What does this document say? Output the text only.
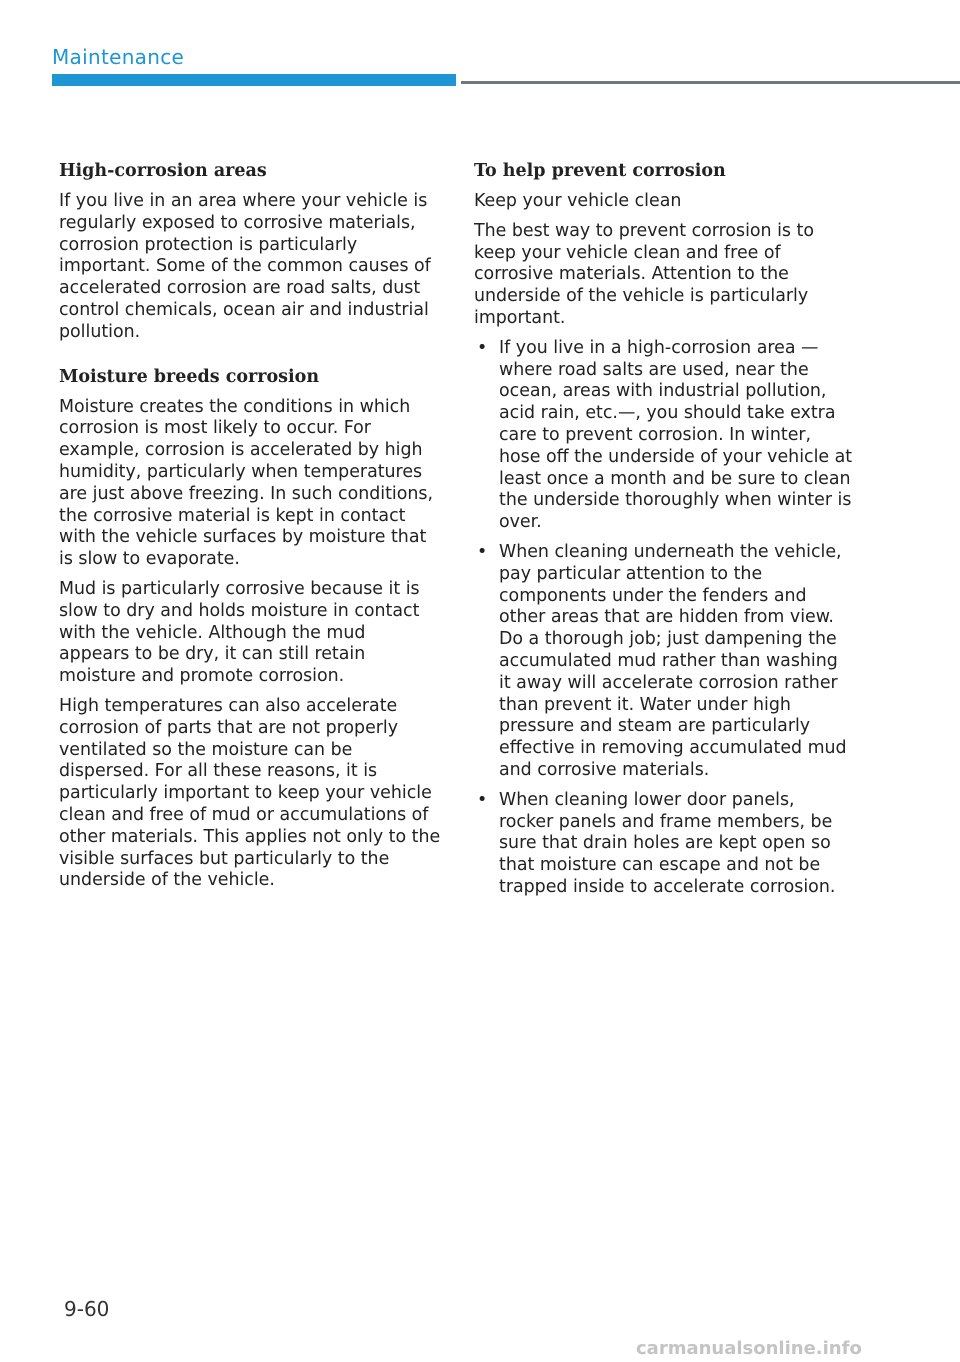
Maintenance
High-corrosion areas

If you live in an area where your vehicle is regularly exposed to corrosive materials, corrosion protection is particularly important. Some of the common causes of accelerated corrosion are road salts, dust control chemicals, ocean air and industrial pollution.

Moisture breeds corrosion

Moisture creates the conditions in which corrosion is most likely to occur. For example, corrosion is accelerated by high humidity, particularly when temperatures are just above freezing. In such conditions, the corrosive material is kept in contact with the vehicle surfaces by moisture that is slow to evaporate.

Mud is particularly corrosive because it is slow to dry and holds moisture in contact with the vehicle. Although the mud appears to be dry, it can still retain moisture and promote corrosion.

High temperatures can also accelerate corrosion of parts that are not properly ventilated so the moisture can be dispersed. For all these reasons, it is particularly important to keep your vehicle clean and free of mud or accumulations of other materials. This applies not only to the visible surfaces but particularly to the underside of the vehicle.

To help prevent corrosion

Keep your vehicle clean

The best way to prevent corrosion is to keep your vehicle clean and free of corrosive materials. Attention to the underside of the vehicle is particularly important.

• If you live in a high-corrosion area — where road salts are used, near the ocean, areas with industrial pollution, acid rain, etc.—, you should take extra care to prevent corrosion. In winter, hose off the underside of your vehicle at least once a month and be sure to clean the underside thoroughly when winter is over.
• When cleaning underneath the vehicle, pay particular attention to the components under the fenders and other areas that are hidden from view. Do a thorough job; just dampening the accumulated mud rather than washing it away will accelerate corrosion rather than prevent it. Water under high pressure and steam are particularly effective in removing accumulated mud and corrosive materials.
• When cleaning lower door panels, rocker panels and frame members, be sure that drain holes are kept open so that moisture can escape and not be trapped inside to accelerate corrosion.
9-60
carmanualsonline.info
